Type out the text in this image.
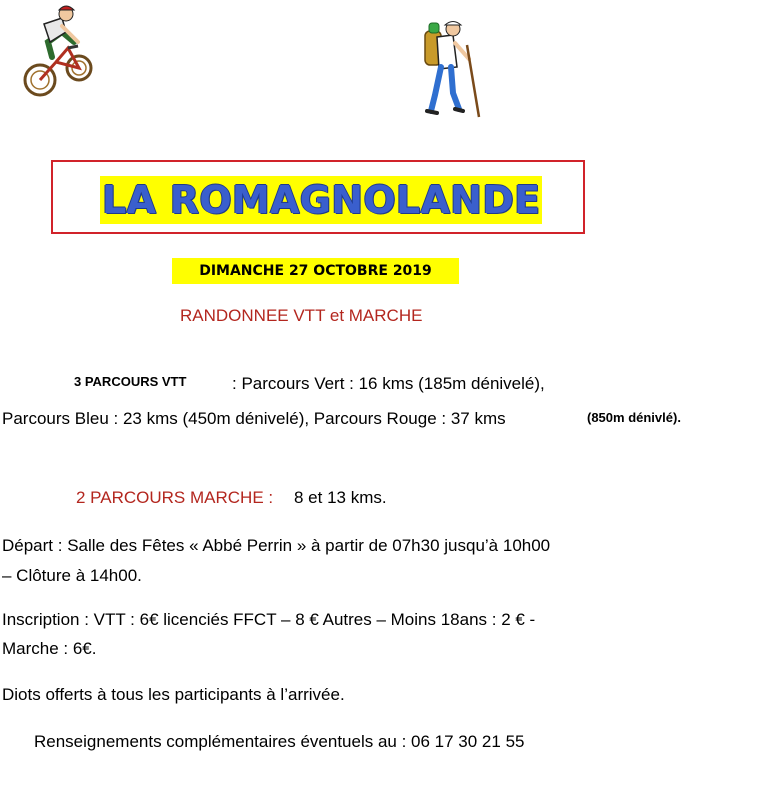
LA ROMAGNOLANDE
DIMANCHE 27 OCTOBRE 2019
RANDONNEE VTT et MARCHE
3 PARCOURS VTT	: Parcours Vert : 16 kms (185m dénivelé),
Parcours Bleu : 23 kms (450m dénivelé), Parcours Rouge : 37 kms	(850m dénivlé).
2 PARCOURS MARCHE : 8 et 13 kms.
Départ : Salle des Fêtes « Abbé Perrin » à partir de 07h30 jusqu’à 10h00
– Clôture à 14h00.
Inscription : VTT : 6€ licenciés FFCT – 8 € Autres – Moins 18ans : 2 € -
Marche : 6€.
Diots offerts à tous les participants à l’arrivée.
Renseignements complémentaires éventuels au : 06 17 30 21 55
